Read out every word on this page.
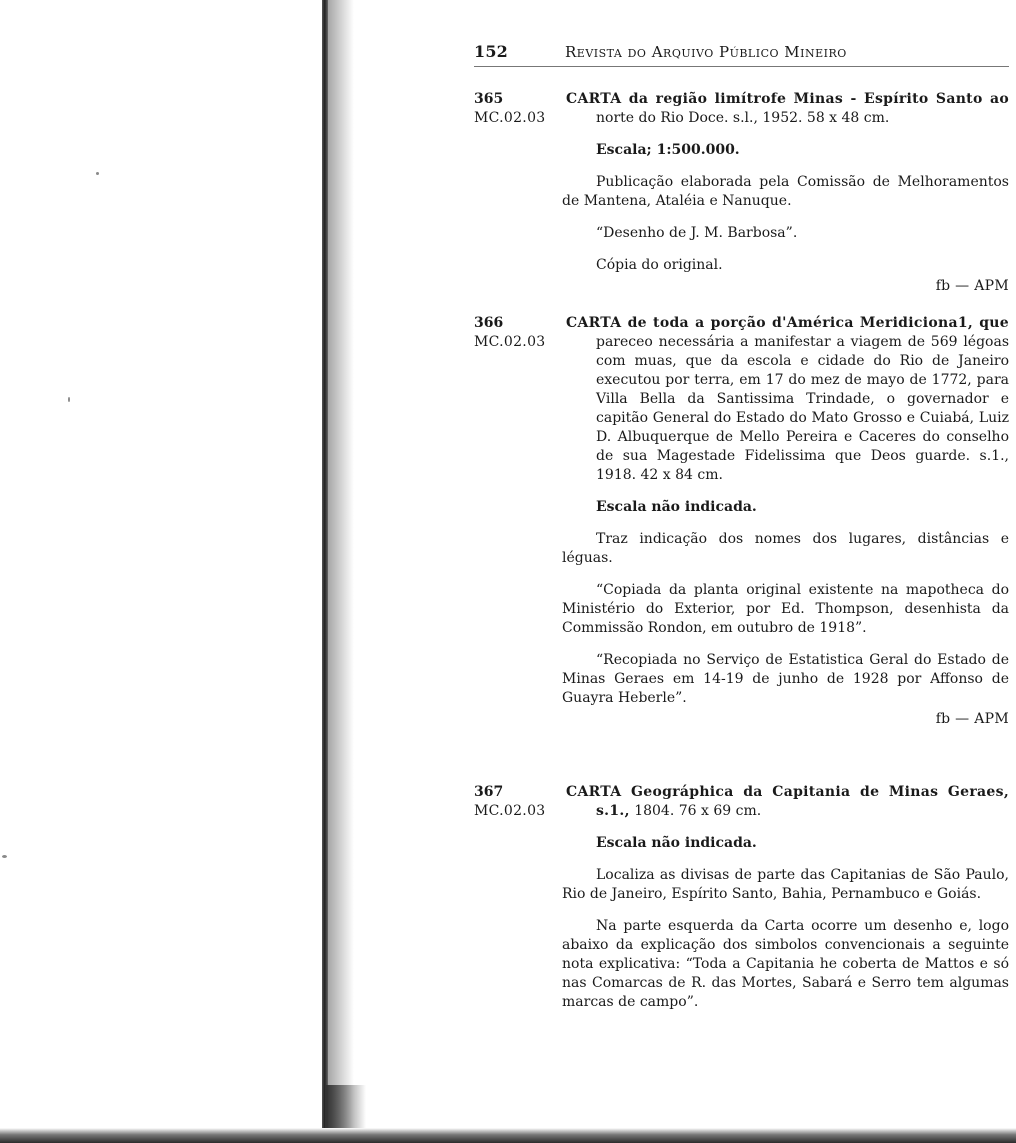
152	Revista do Arquivo Público Mineiro
365
MC.02.03

CARTA da região limítrofe Minas - Espírito Santo ao norte do Rio Doce. s.l., 1952. 58 x 48 cm.

Escala; 1:500.000.

Publicação elaborada pela Comissão de Melhoramentos de Mantena, Ataléia e Nanuque.

“Desenho de J. M. Barbosa”.

Cópia do original.

fb — APM

366
MC.02.03

CARTA de toda a porção d'América Meridiciona1, que pareceo necessária a manifestar a viagem de 569 légoas com muas, que da escola e cidade do Rio de Janeiro executou por terra, em 17 do mez de mayo de 1772, para Villa Bella da Santissima Trindade, o governador e capitão General do Estado do Mato Grosso e Cuiabá, Luiz D. Albuquerque de Mello Pereira e Caceres do conselho de sua Magestade Fidelissima que Deos guarde. s.1., 1918. 42 x 84 cm.

Escala não indicada.

Traz indicação dos nomes dos lugares, distâncias e léguas.

“Copiada da planta original existente na mapotheca do Ministério do Exterior, por Ed. Thompson, desenhista da Commissão Rondon, em outubro de 1918”.

“Recopiada no Serviço de Estatistica Geral do Estado de Minas Geraes em 14-19 de junho de 1928 por Affonso de Guayra Heberle”.

fb — APM

367
MC.02.03

CARTA Geográphica da Capitania de Minas Geraes, s.1., 1804. 76 x 69 cm.

Escala não indicada.

Localiza as divisas de parte das Capitanias de São Paulo, Rio de Janeiro, Espírito Santo, Bahia, Pernambuco e Goiás.

Na parte esquerda da Carta ocorre um desenho e, logo abaixo da explicação dos simbolos convencionais a seguinte nota explicativa: “Toda a Capitania he coberta de Mattos e só nas Comarcas de R. das Mortes, Sabará e Serro tem algumas marcas de campo”.
